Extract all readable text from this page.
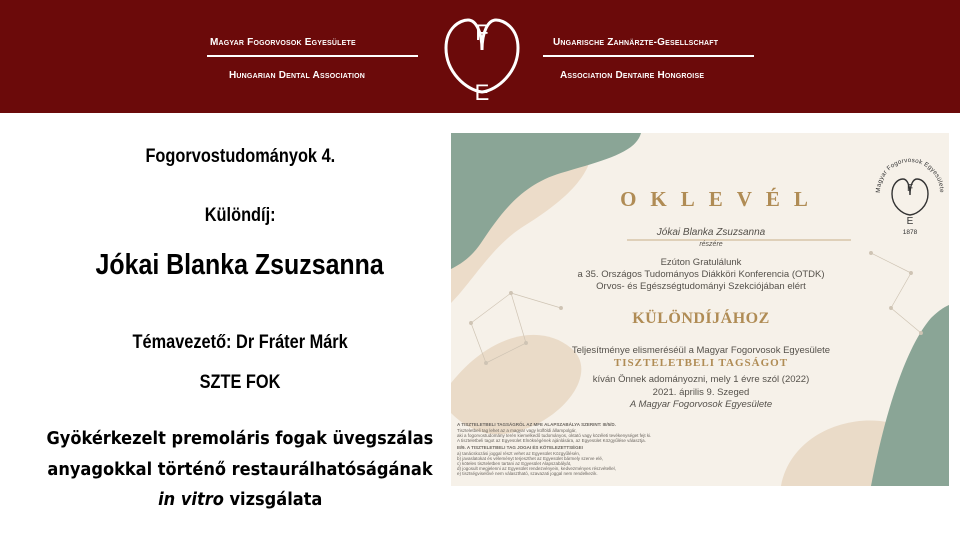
Magyar Fogorvosok Egyesülete
Hungarian Dental Association
F
E
Ungarische Zahnärzte-Gesellschaft
Association Dentaire Hongroise
Fogorvostudományok 4.
Különdíj:
Jókai Blanka Zsuzsanna
Témavezető: Dr Fráter Márk
SZTE FOK
Gyökérkezelt premoláris fogak üvegszálas
anyagokkal történő restaurálhatóságának
in vitro vizsgálata
OKLEVÉL
Jókai Blanka Zsuzsanna
részére
Ezúton Gratulálunk
a 35. Országos Tudományos Diákköri Konferencia (OTDK)
Orvos- és Egészségtudományi Szekciójában elért
KÜLÖNDÍJÁHOZ
Teljesítménye elismeréséül a Magyar Fogorvosok Egyesülete
TISZTELETBELI TAGSÁGOT
kíván Önnek adományozni, mely 1 évre szól (2022)
2021. április 9. Szeged
A Magyar Fogorvosok Egyesülete
A TISZTELETBELI TAGSÁGRÓL AZ MFE ALAPSZABÁLYA SZERINT: III/5/D.
Tiszteletbeli tag lehet az a magyar vagy külföldi állampolgár,
aki a fogorvostudomány terén kiemelkedő tudományos, oktató vagy közéleti tevékenységet fejt ki.
A tiszteletbeli tagot az Egyesület Elnökségének ajánlására, az Egyesület Közgyűlése választja.
III/9. A TISZTELETBELI TAG JOGAI ÉS KÖTELEZETTSÉGEI
a) tanácskozási joggal részt vehet az Egyesület Közgyűlésén,
b) javaslatokat és véleményt terjeszthet az Egyesület bármely szerve elé,
c) köteles tiszteletben tartani az Egyesület Alapszabályát,
d) jogosult megjelenni az Egyesület rendezvényein, kedvezményes részvétellel,
e) tisztségviselővé nem választható, szavazati joggal nem rendelkezik.
Magyar Fogorvosok Egyesülete
F
E
1878
